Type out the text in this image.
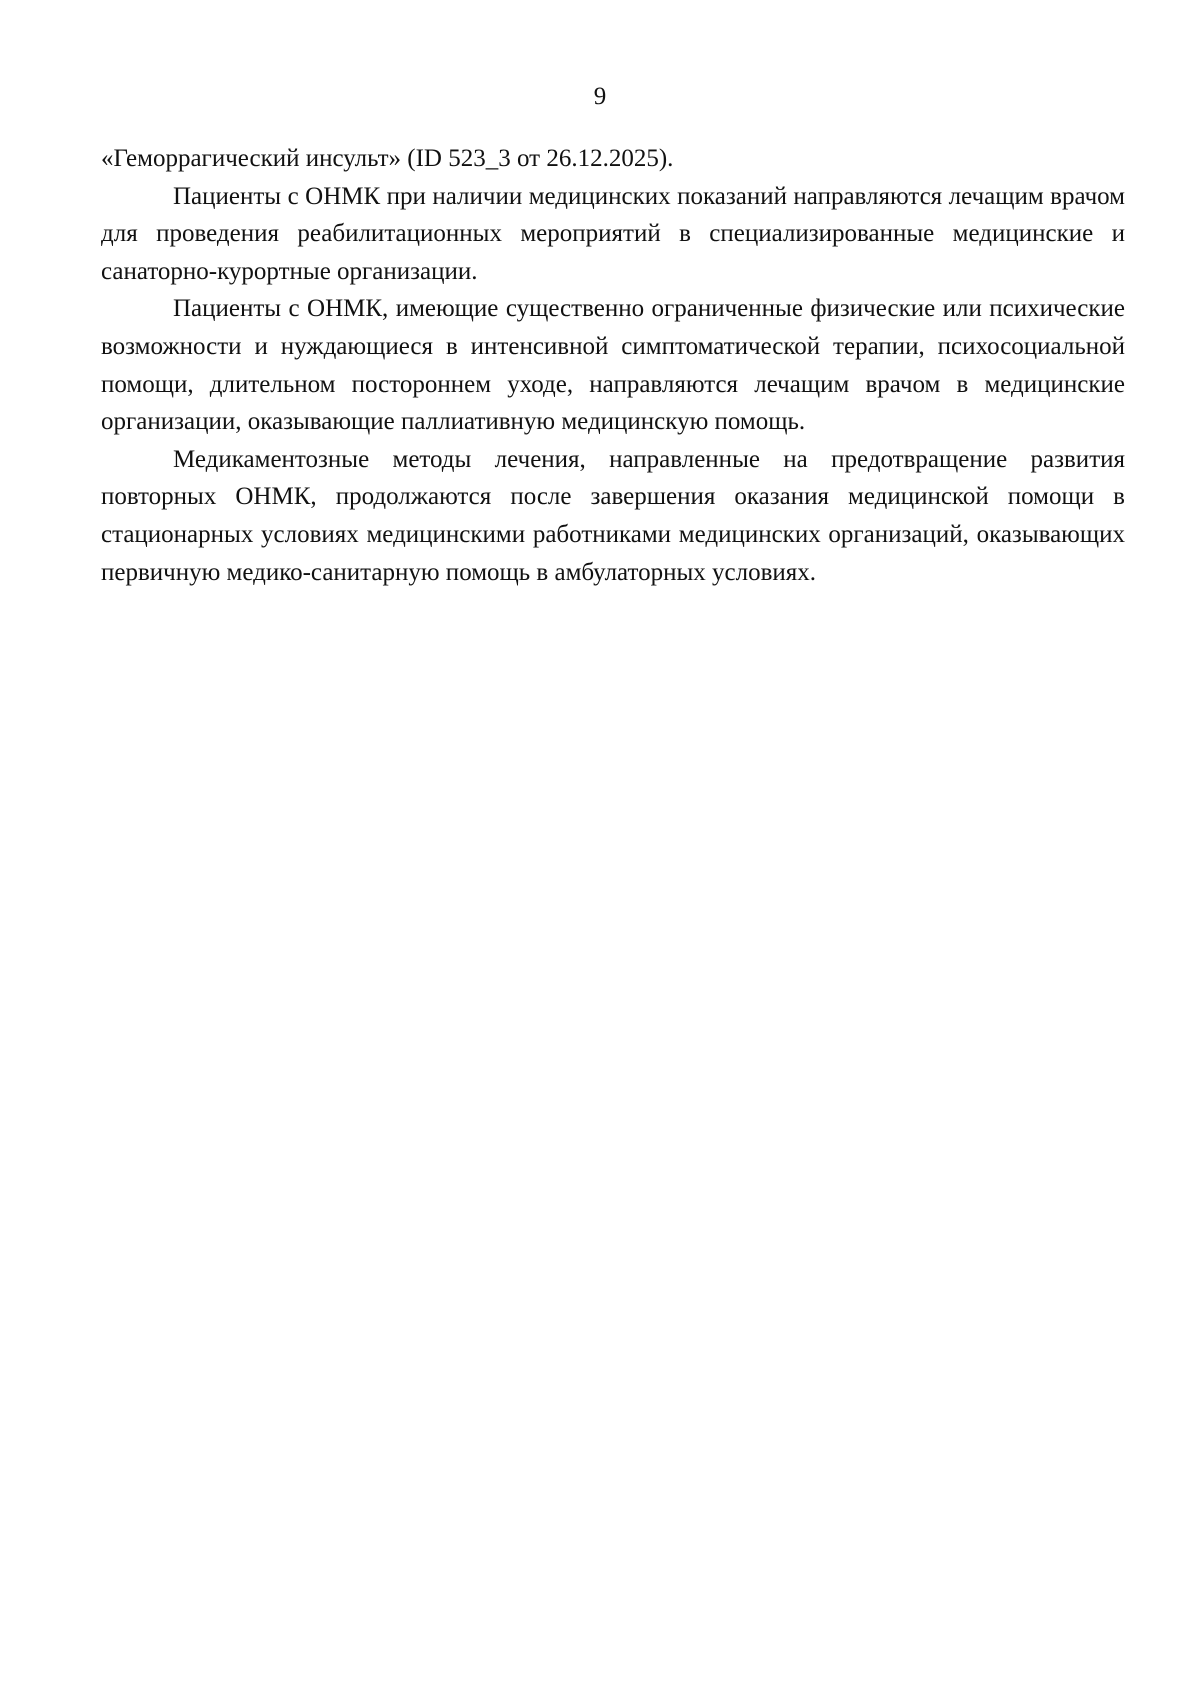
9

«Геморрагический инсульт» (ID 523_3 от 26.12.2025).

Пациенты с ОНМК при наличии медицинских показаний направляются лечащим врачом для проведения реабилитационных мероприятий в специализированные медицинские и санаторно-курортные организации.

Пациенты с ОНМК, имеющие существенно ограниченные физические или психические возможности и нуждающиеся в интенсивной симптоматической терапии, психосоциальной помощи, длительном постороннем уходе, направляются лечащим врачом в медицинские организации, оказывающие паллиативную медицинскую помощь.

Медикаментозные методы лечения, направленные на предотвращение развития повторных ОНМК, продолжаются после завершения оказания медицинской помощи в стационарных условиях медицинскими работниками медицинских организаций, оказывающих первичную медико-санитарную помощь в амбулаторных условиях.
